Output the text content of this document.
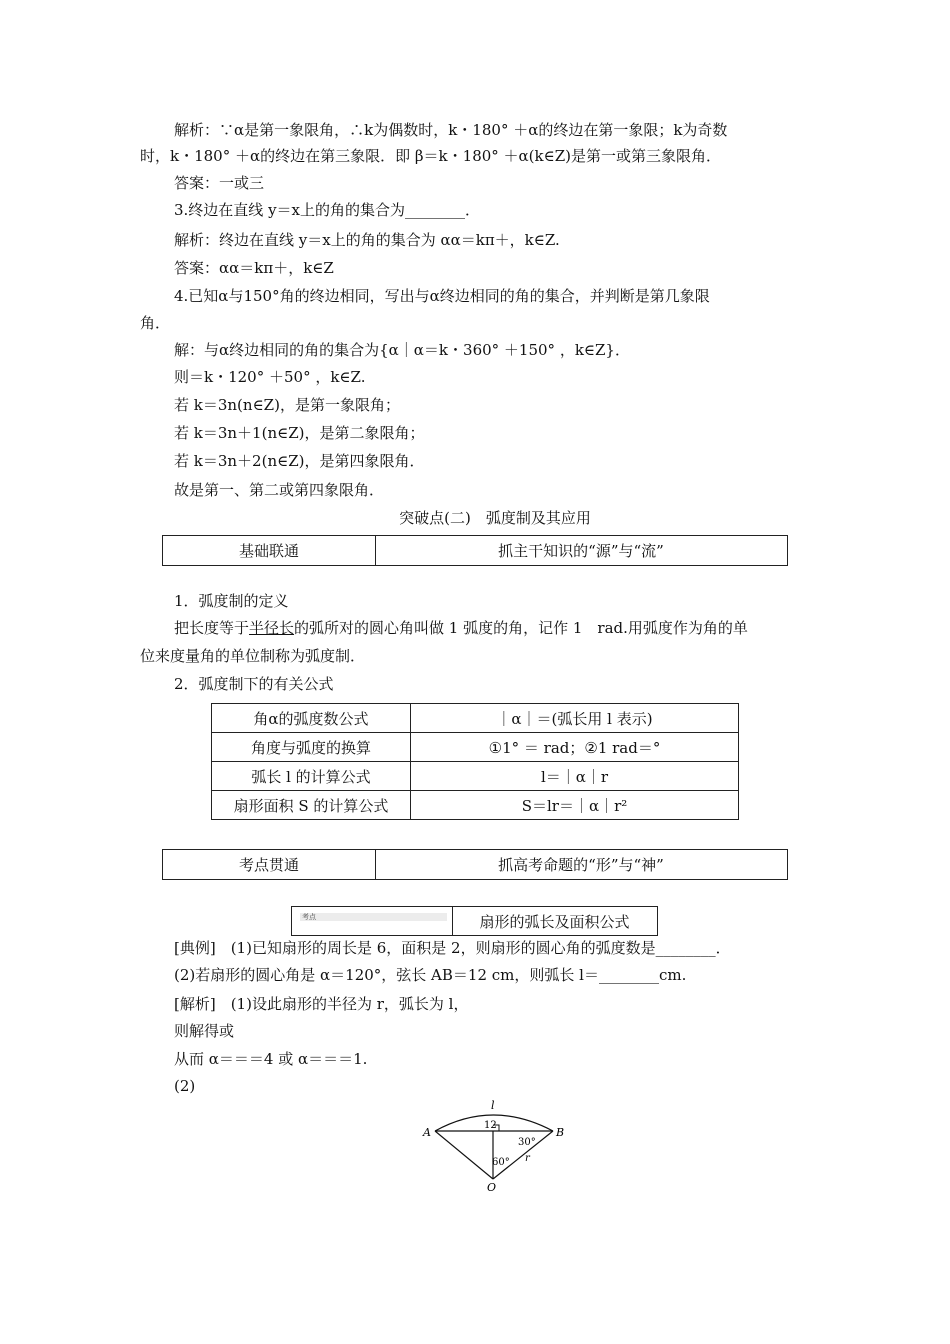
解析：∵α是第一象限角，∴k为偶数时，k・180° ＋α的终边在第一象限；k为奇数
时，k・180° ＋α的终边在第三象限．即 β＝k・180° ＋α(k∈Z)是第一或第三象限角．
答案：一或三
3.终边在直线 y＝x上的角的集合为________．
解析：终边在直线 y＝x上的角的集合为 αα＝kπ＋，k∈Z.
答案：αα＝kπ＋，k∈Z
4.已知α与150°角的终边相同，写出与α终边相同的角的集合，并判断是第几象限
角．
解：与α终边相同的角的集合为{α｜α＝k・360° ＋150° ，k∈Z}．
则＝k・120° ＋50° ，k∈Z.
若 k＝3n(n∈Z)，是第一象限角；
若 k＝3n＋1(n∈Z)，是第二象限角；
若 k＝3n＋2(n∈Z)，是第四象限角．
故是第一、第二或第四象限角．
突破点(二)　弧度制及其应用
基础联通	抓主干知识的“源”与“流”
1．弧度制的定义
把长度等于半径长的弧所对的圆心角叫做 1 弧度的角，记作 1　rad.用弧度作为角的单
位来度量角的单位制称为弧度制．
2．弧度制下的有关公式
角α的弧度数公式	｜α｜＝(弧长用 l 表示)
角度与弧度的换算	①1° ＝ rad；②1 rad＝°
弧长 l 的计算公式	l＝｜α｜r
扇形面积 S 的计算公式	S＝lr＝｜α｜r²
考点贯通	抓高考命题的“形”与“神”
考点	扇形的弧长及面积公式
[典例]　(1)已知扇形的周长是 6，面积是 2，则扇形的圆心角的弧度数是________．
(2)若扇形的圆心角是 α＝120°，弦长 AB＝12 cm，则弧长 l＝________cm.
[解析]　(1)设此扇形的半径为 r，弧长为 l，
则解得或
从而 α＝＝＝4 或 α＝＝＝1.
(2)
A	B
O
l
r
12
30°
60°
